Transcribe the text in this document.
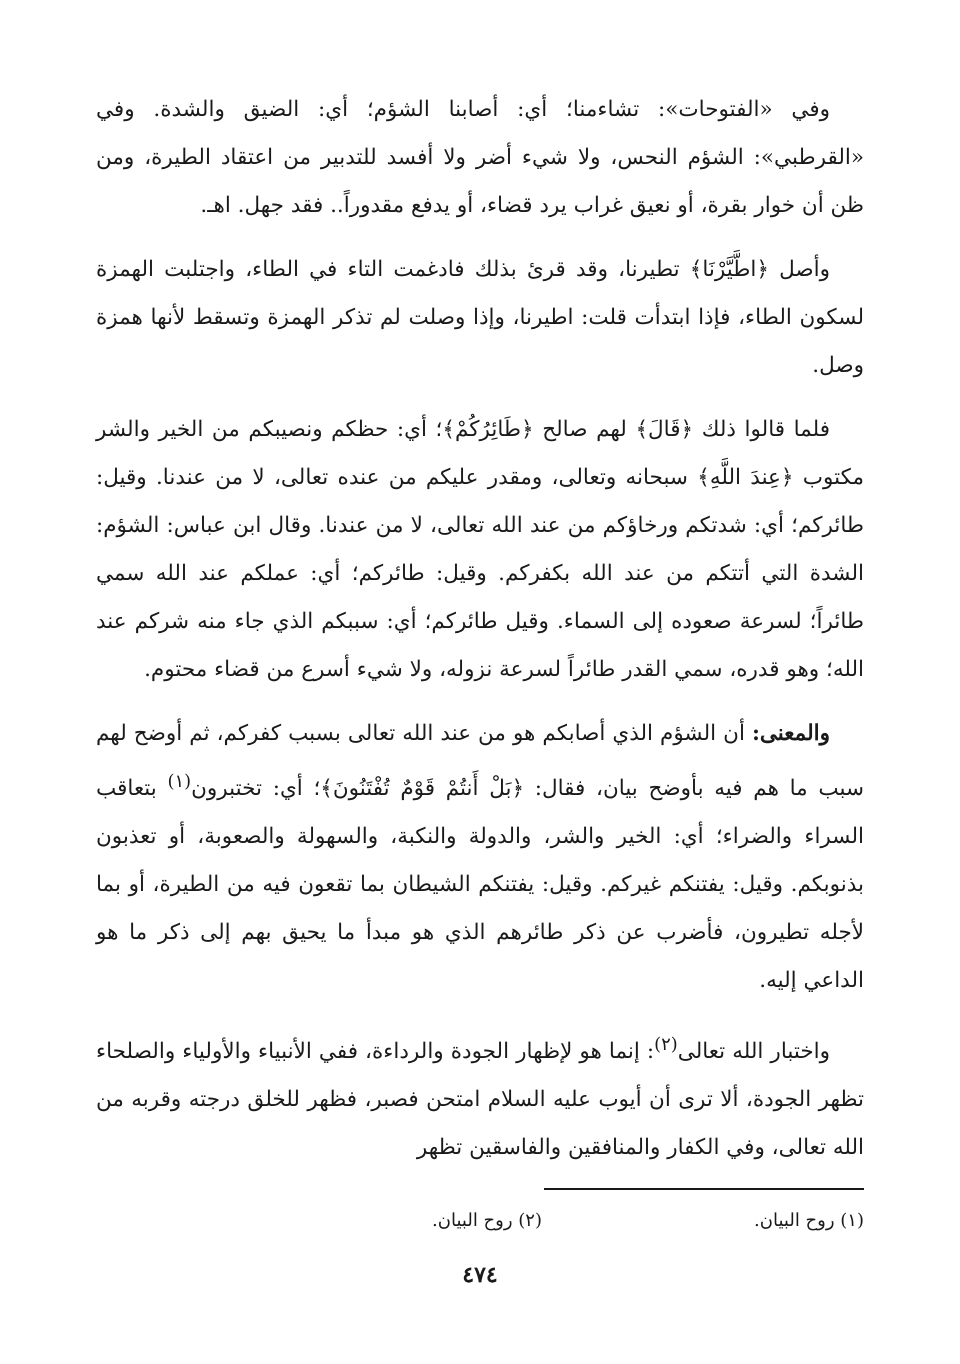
وفي «الفتوحات»: تشاءمنا؛ أي: أصابنا الشؤم؛ أي: الضيق والشدة. وفي «القرطبي»: الشؤم النحس، ولا شيء أضر ولا أفسد للتدبير من اعتقاد الطيرة، ومن ظن أن خوار بقرة، أو نعيق غراب يرد قضاء، أو يدفع مقدوراً.. فقد جهل. اهـ.

وأصل ﴿اطَّيَّرْنَا﴾ تطيرنا، وقد قرئ بذلك فادغمت التاء في الطاء، واجتلبت الهمزة لسكون الطاء، فإذا ابتدأت قلت: اطيرنا، وإذا وصلت لم تذكر الهمزة وتسقط لأنها همزة وصل.

فلما قالوا ذلك ﴿قَالَ﴾ لهم صالح ﴿طَائِرُكُمْ﴾؛ أي: حظكم ونصيبكم من الخير والشر مكتوب ﴿عِندَ اللَّهِ﴾ سبحانه وتعالى، ومقدر عليكم من عنده تعالى، لا من عندنا. وقيل: طائركم؛ أي: شدتكم ورخاؤكم من عند الله تعالى، لا من عندنا. وقال ابن عباس: الشؤم: الشدة التي أتتكم من عند الله بكفركم. وقيل: طائركم؛ أي: عملكم عند الله سمي طائراً؛ لسرعة صعوده إلى السماء. وقيل طائركم؛ أي: سببكم الذي جاء منه شركم عند الله؛ وهو قدره، سمي القدر طائراً لسرعة نزوله، ولا شيء أسرع من قضاء محتوم.

والمعنى: أن الشؤم الذي أصابكم هو من عند الله تعالى بسبب كفركم، ثم أوضح لهم سبب ما هم فيه بأوضح بيان، فقال: ﴿بَلْ أَنتُمْ قَوْمٌ تُفْتَنُونَ﴾؛ أي: تختبرون$^{(١)}$ بتعاقب السراء والضراء؛ أي: الخير والشر، والدولة والنكبة، والسهولة والصعوبة، أو تعذبون بذنوبكم. وقيل: يفتنكم غيركم. وقيل: يفتنكم الشيطان بما تقعون فيه من الطيرة، أو بما لأجله تطيرون، فأضرب عن ذكر طائرهم الذي هو مبدأ ما يحيق بهم إلى ذكر ما هو الداعي إليه.

واختبار الله تعالى$^{(٢)}$: إنما هو لإظهار الجودة والرداءة، ففي الأنبياء والأولياء والصلحاء تظهر الجودة، ألا ترى أن أيوب عليه السلام امتحن فصبر، فظهر للخلق درجته وقربه من الله تعالى، وفي الكفار والمنافقين والفاسقين تظهر

(١) روح البيان.
(٢) روح البيان.
٤٧٤
